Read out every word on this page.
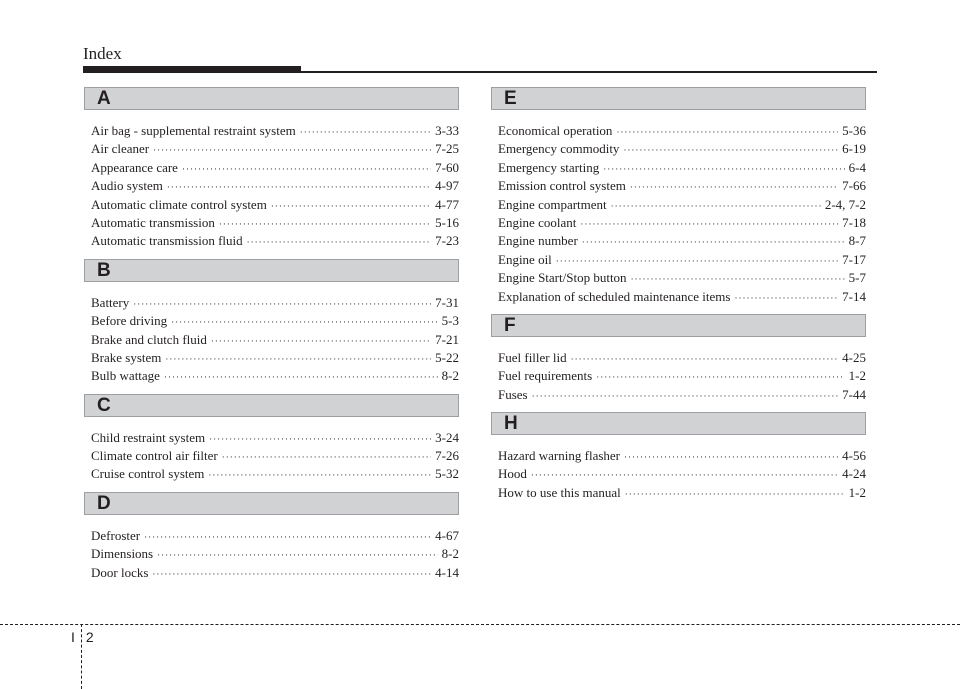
Index
A
Air bag - supplemental restraint system ·····	3-33
Air cleaner ·····	7-25
Appearance care ·····	7-60
Audio system ·····	4-97
Automatic climate control system ·····	4-77
Automatic transmission ·····	5-16
Automatic transmission fluid ·····	7-23
B
Battery ·····	7-31
Before driving ·····	5-3
Brake and clutch fluid ·····	7-21
Brake system ·····	5-22
Bulb wattage ·····	8-2
C
Child restraint system ·····	3-24
Climate control air filter ·····	7-26
Cruise control system ·····	5-32
D
Defroster ·····	4-67
Dimensions ·····	8-2
Door locks ·····	4-14
E
Economical operation ·····	5-36
Emergency commodity ·····	6-19
Emergency starting ·····	6-4
Emission control system ·····	7-66
Engine compartment ·····	2-4, 7-2
Engine coolant ·····	7-18
Engine number ·····	8-7
Engine oil ·····	7-17
Engine Start/Stop button ·····	5-7
Explanation of scheduled maintenance items ·····	7-14
F
Fuel filler lid ·····	4-25
Fuel requirements ·····	1-2
Fuses ·····	7-44
H
Hazard warning flasher ·····	4-56
Hood ·····	4-24
How to use this manual ·····	1-2
I 2
